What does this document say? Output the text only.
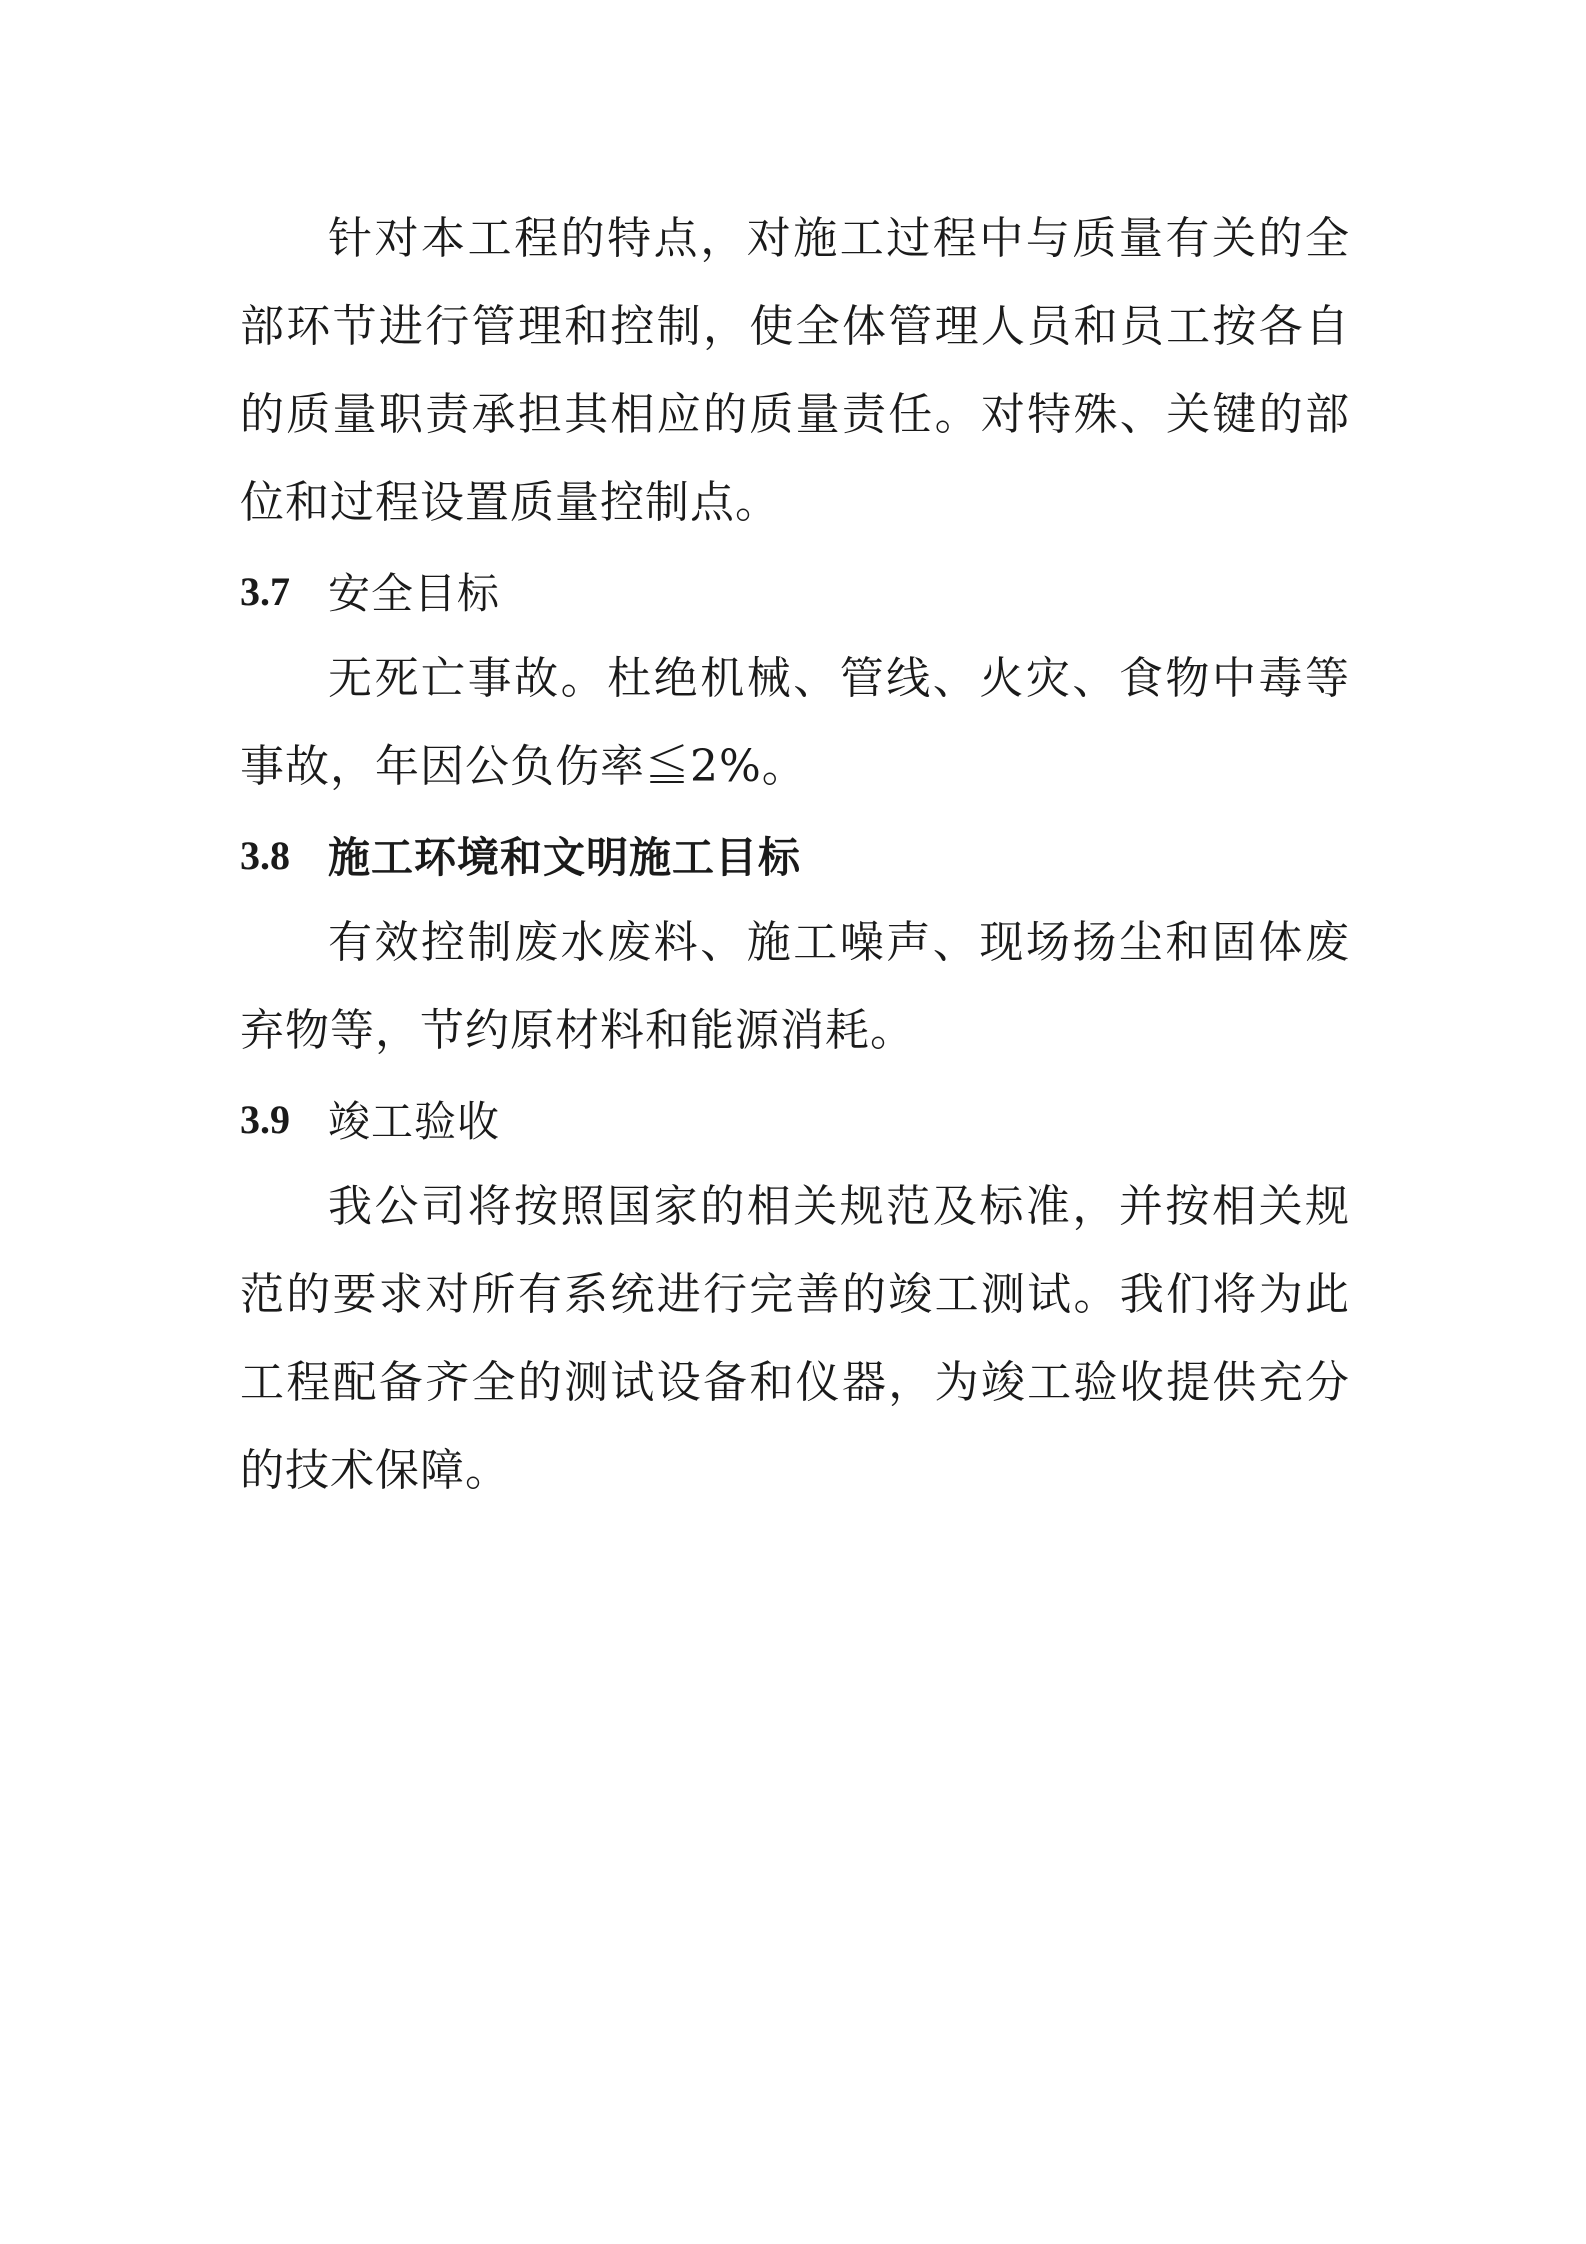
针对本工程的特点，对施工过程中与质量有关的全部环节进行管理和控制，使全体管理人员和员工按各自的质量职责承担其相应的质量责任。对特殊、关键的部位和过程设置质量控制点。

3.7 安全目标

无死亡事故。杜绝机械、管线、火灾、食物中毒等事故，年因公负伤率≦2%。

3.8 施工环境和文明施工目标

有效控制废水废料、施工噪声、现场扬尘和固体废弃物等，节约原材料和能源消耗。

3.9 竣工验收

我公司将按照国家的相关规范及标准，并按相关规范的要求对所有系统进行完善的竣工测试。我们将为此工程配备齐全的测试设备和仪器，为竣工验收提供充分的技术保障。
